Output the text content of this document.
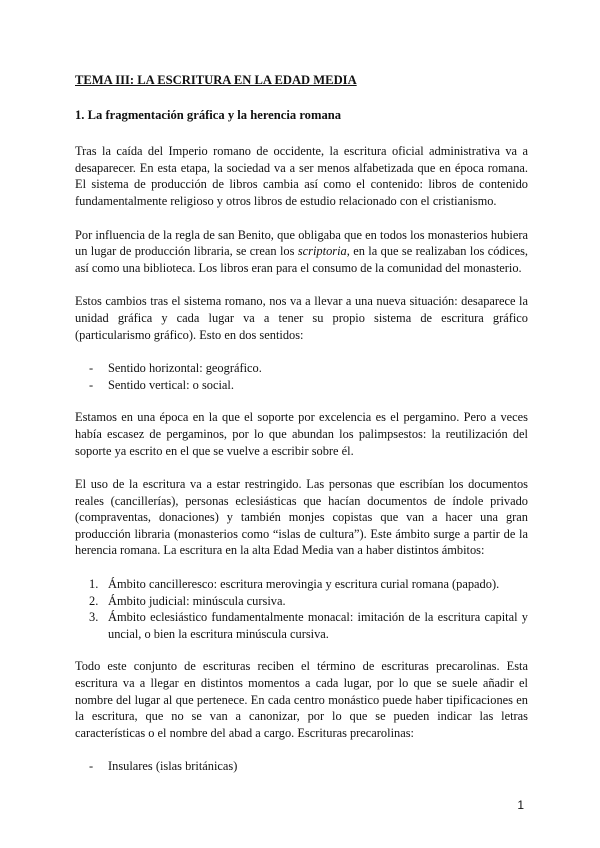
TEMA III: LA ESCRITURA EN LA EDAD MEDIA
1. La fragmentación gráfica y la herencia romana

Tras la caída del Imperio romano de occidente, la escritura oficial administrativa va a desaparecer. En esta etapa, la sociedad va a ser menos alfabetizada que en época romana. El sistema de producción de libros cambia así como el contenido: libros de contenido fundamentalmente religioso y otros libros de estudio relacionado con el cristianismo.

Por influencia de la regla de san Benito, que obligaba que en todos los monasterios hubiera un lugar de producción libraria, se crean los scriptoria, en la que se realizaban los códices, así como una biblioteca. Los libros eran para el consumo de la comunidad del monasterio.

Estos cambios tras el sistema romano, nos va a llevar a una nueva situación: desaparece la unidad gráfica y cada lugar va a tener su propio sistema de escritura gráfico (particularismo gráfico). Esto en dos sentidos:

- Sentido horizontal: geográfico.
- Sentido vertical: o social.

Estamos en una época en la que el soporte por excelencia es el pergamino. Pero a veces había escasez de pergaminos, por lo que abundan los palimpsestos: la reutilización del soporte ya escrito en el que se vuelve a escribir sobre él.

El uso de la escritura va a estar restringido. Las personas que escribían los documentos reales (cancillerías), personas eclesiásticas que hacían documentos de índole privado (compraventas, donaciones) y también monjes copistas que van a hacer una gran producción libraria (monasterios como “islas de cultura”). Este ámbito surge a partir de la herencia romana. La escritura en la alta Edad Media van a haber distintos ámbitos:

1. Ámbito cancilleresco: escritura merovingia y escritura curial romana (papado).
2. Ámbito judicial: minúscula cursiva.
3. Ámbito eclesiástico fundamentalmente monacal: imitación de la escritura capital y uncial, o bien la escritura minúscula cursiva.

Todo este conjunto de escrituras reciben el término de escrituras precarolinas. Esta escritura va a llegar en distintos momentos a cada lugar, por lo que se suele añadir el nombre del lugar al que pertenece. En cada centro monástico puede haber tipificaciones en la escritura, que no se van a canonizar, por lo que se pueden indicar las letras características o el nombre del abad a cargo. Escrituras precarolinas:

- Insulares (islas británicas)
1
